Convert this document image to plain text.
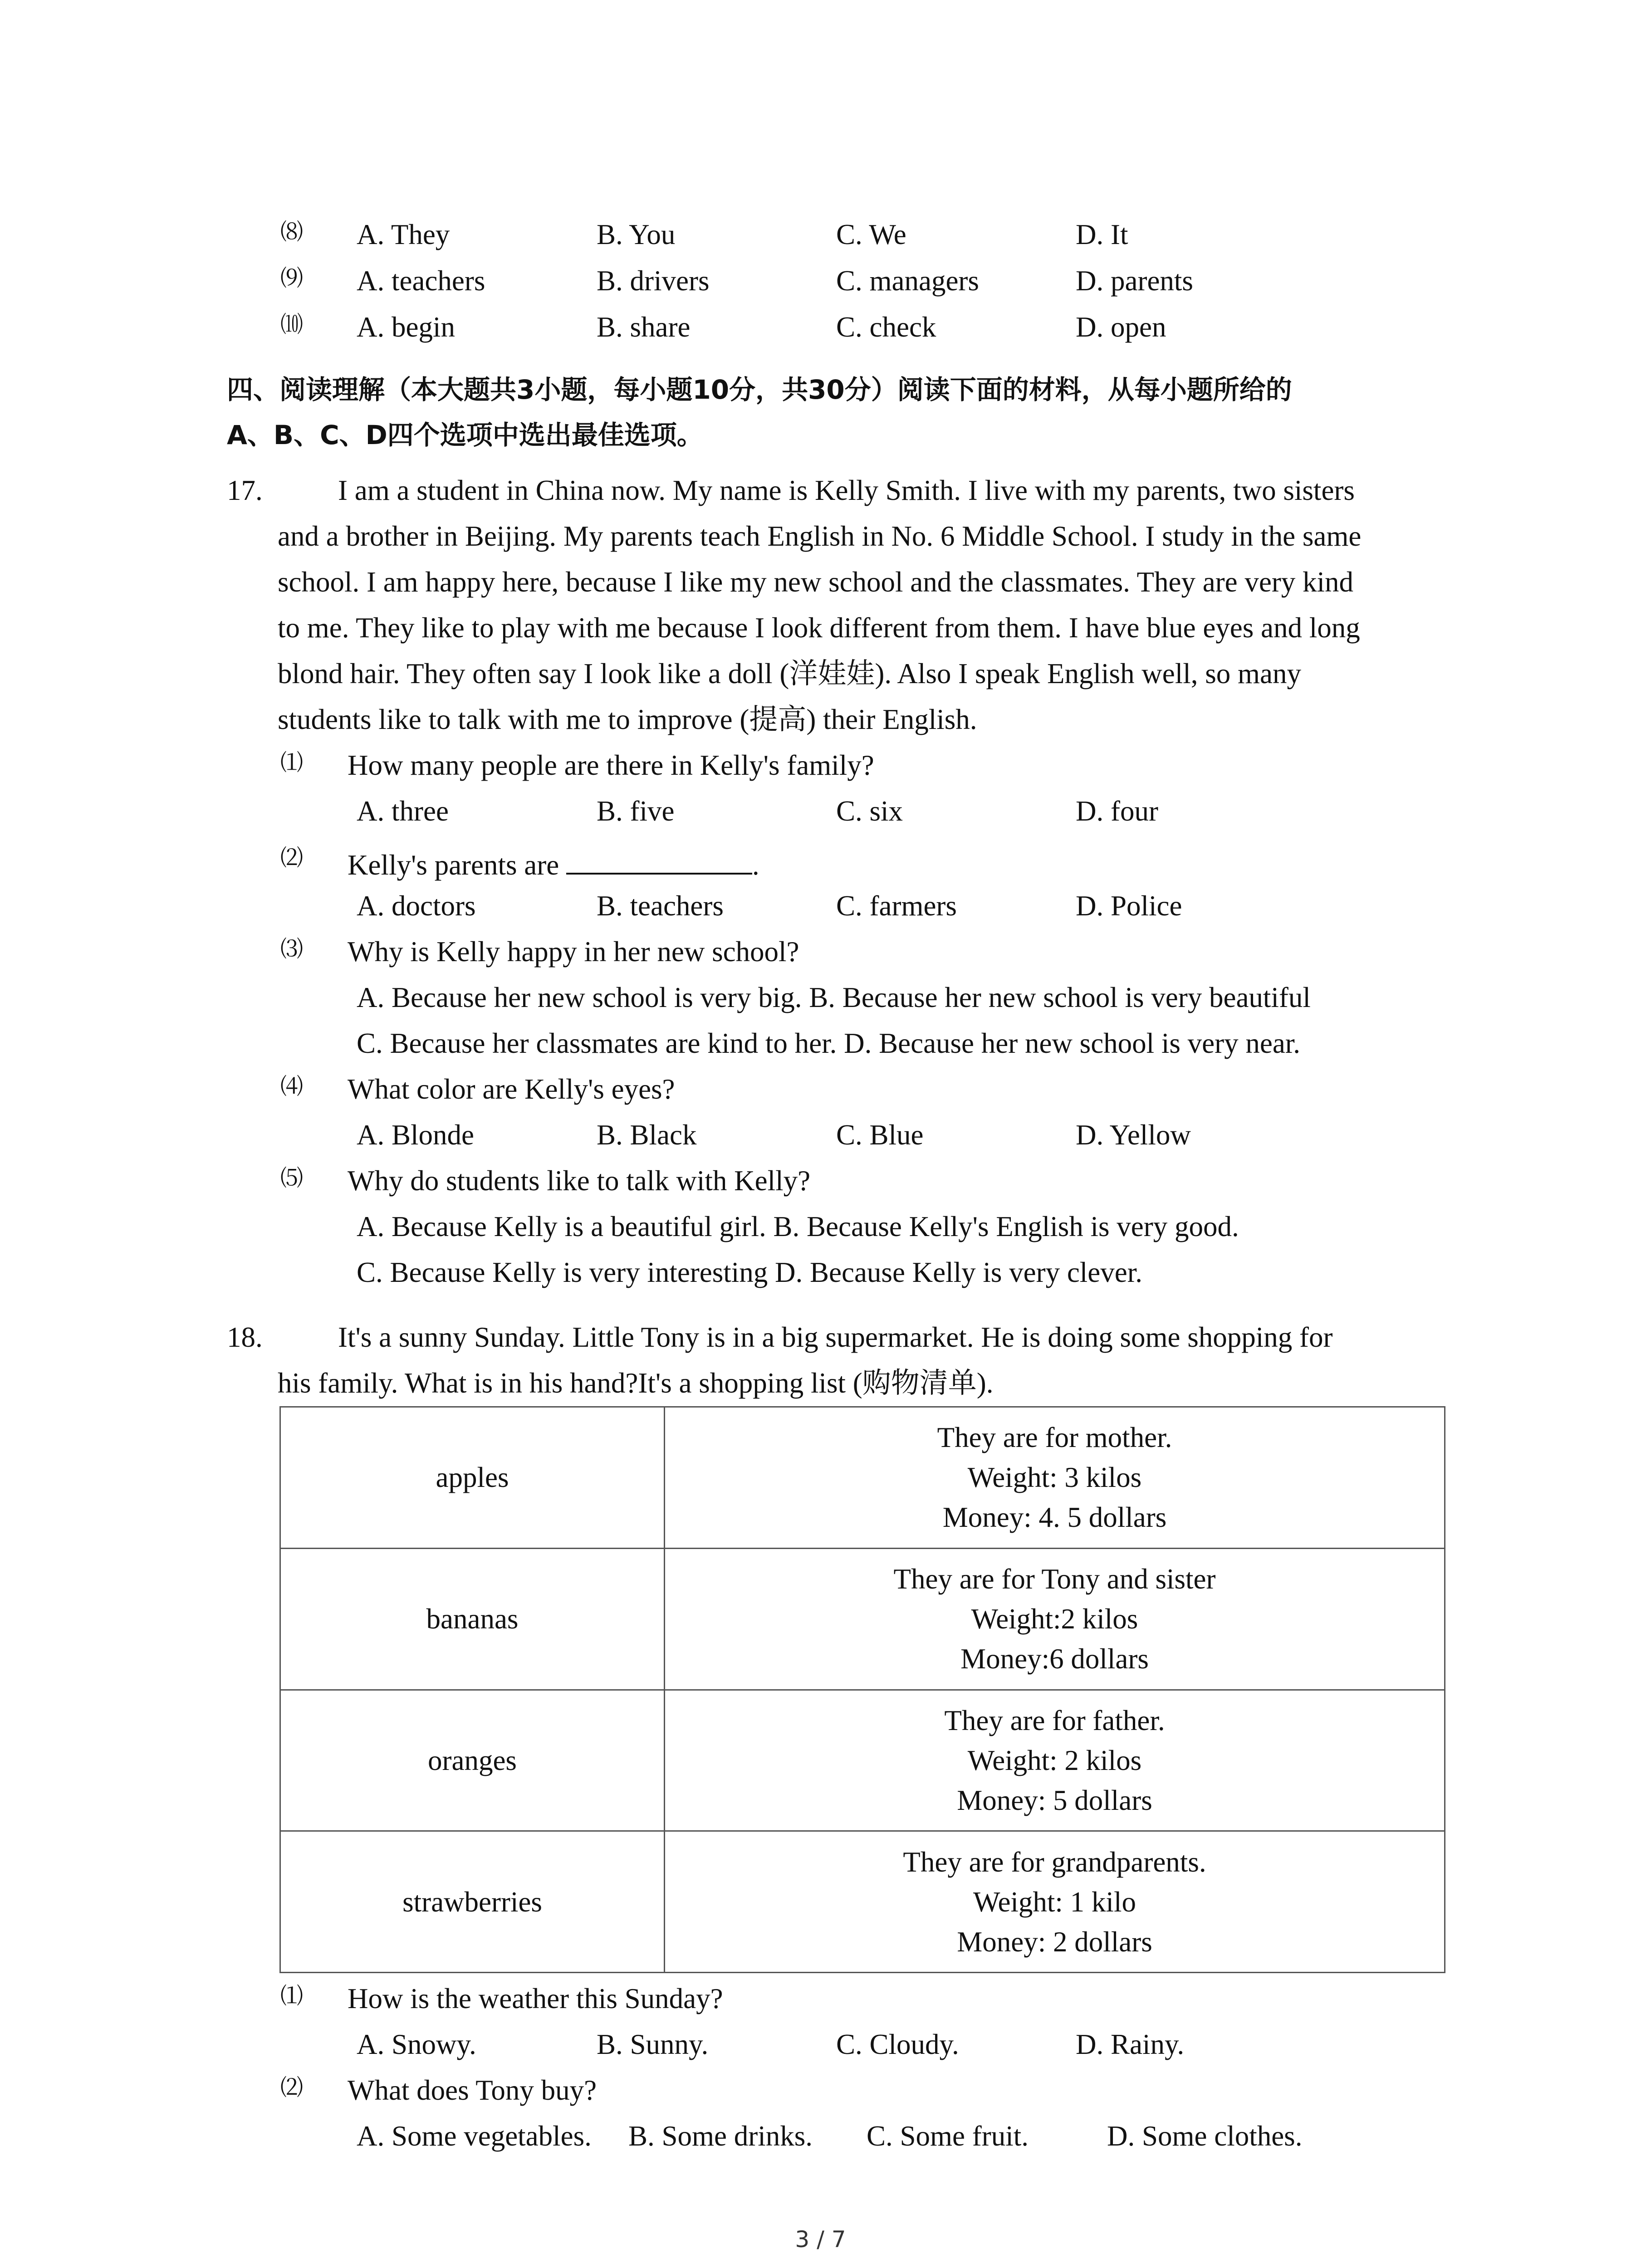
⑻ A. They	B. You	C. We	D. It
⑼ A. teachers	B. drivers	C. managers	D. parents
⑽ A. begin	B. share	C. check	D. open
四、阅读理解（本大题共3小题，每小题10分，共30分）阅读下面的材料，从每小题所给的
A、B、C、D四个选项中选出最佳选项。
17.	I am a student in China now. My name is Kelly Smith. I live with my parents, two sisters
and a brother in Beijing. My parents teach English in No. 6 Middle School. I study in the same
school. I am happy here, because I like my new school and the classmates. They are very kind
to me. They like to play with me because I look different from them. I have blue eyes and long
blond hair. They often say I look like a doll (洋娃娃). Also I speak English well, so many
students like to talk with me to improve (提高) their English.
⑴ How many people are there in Kelly's family?
A. three	B. five	C. six	D. four
⑵ Kelly's parents are	.
A. doctors	B. teachers	C. farmers	D. Police
⑶ Why is Kelly happy in her new school?
A. Because her new school is very big. B. Because her new school is very beautiful
C. Because her classmates are kind to her. D. Because her new school is very near.
⑷ What color are Kelly's eyes?
A. Blonde	B. Black	C. Blue	D. Yellow
⑸ Why do students like to talk with Kelly?
A. Because Kelly is a beautiful girl. B. Because Kelly's English is very good.
C. Because Kelly is very interesting D. Because Kelly is very clever.
18.	It's a sunny Sunday. Little Tony is in a big supermarket. He is doing some shopping for
his family. What is in his hand?It's a shopping list (购物清单).
apples	They are for mother.
Weight: 3 kilos
Money: 4. 5 dollars

bananas	They are for Tony and sister
Weight:2 kilos
Money:6 dollars

oranges	They are for father.
Weight: 2 kilos
Money: 5 dollars

strawberries	They are for grandparents.
Weight: 1 kilo
Money: 2 dollars
⑴ How is the weather this Sunday?
A. Snowy.	B. Sunny.	C. Cloudy.	D. Rainy.
⑵ What does Tony buy?
A. Some vegetables. B. Some drinks. C. Some fruit.	D. Some clothes.
3 / 7
